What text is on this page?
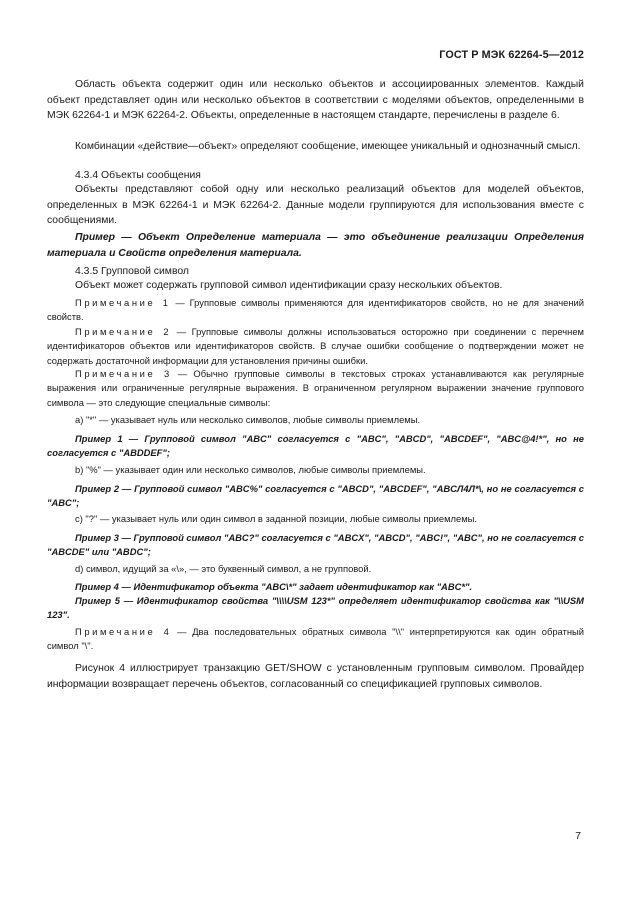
ГОСТ Р МЭК 62264-5—2012

Область объекта содержит один или несколько объектов и ассоциированных элементов. Каждый объект представляет один или несколько объектов в соответствии с моделями объектов, определенными в МЭК 62264-1 и МЭК 62264-2. Объекты, определенные в настоящем стандарте, перечислены в разделе 6.

Комбинации «действие—объект» определяют сообщение, имеющее уникальный и однозначный смысл.

4.3.4 Объекты сообщения

Объекты представляют собой одну или несколько реализаций объектов для моделей объектов, определенных в МЭК 62264-1 и МЭК 62264-2. Данные модели группируются для использования вместе с сообщениями.

Пример — Объект Определение материала — это объединение реализации Определения материала и Свойств определения материала.

4.3.5 Групповой символ

Объект может содержать групповой символ идентификации сразу нескольких объектов.

Примечание 1 — Групповые символы применяются для идентификаторов свойств, но не для значений свойств.

Примечание 2 — Групповые символы должны использоваться осторожно при соединении с перечнем идентификаторов объектов или идентификаторов свойств. В случае ошибки сообщение о подтверждении может не содержать достаточной информации для установления причины ошибки.

Примечание 3 — Обычно групповые символы в текстовых строках устанавливаются как регулярные выражения или ограниченные регулярные выражения. В ограниченном регулярном выражении значение группового символа — это следующие специальные символы:

a) "*" — указывает нуль или несколько символов, любые символы приемлемы.

Пример 1 — Групповой символ "ABC" согласуется с "ABC", "ABCD", "ABCDEF", "ABC@4!*", но не согласуется с "ABDDEF";

b) "%" — указывает один или несколько символов, любые символы приемлемы.

Пример 2 — Групповой символ "ABC%" согласуется с "ABCD", "ABCDEF", "ABCЛ4Л*\, но не согласуется с "ABC";

c) "?" — указывает нуль или один символ в заданной позиции, любые символы приемлемы.

Пример 3 — Групповой символ "ABC?" согласуется с "ABCX", "ABCD", "ABC!", "ABC", но не согласуется с "ABCDE" или "ABDC";

d) символ, идущий за «\», — это буквенный символ, а не групповой.

Пример 4 — Идентификатор объекта "ABC\*" задает идентификатор как "ABC*".

Пример 5 — Идентификатор свойства "\\\\USM 123*" определяет идентификатор свойства как "\\USM 123".

Примечание 4 — Два последовательных обратных символа "\\" интерпретируются как один обратный символ "\".

Рисунок 4 иллюстрирует транзакцию GET/SHOW с установленным групповым символом. Провайдер информации возвращает перечень объектов, согласованный со спецификацией групповых символов.

7
